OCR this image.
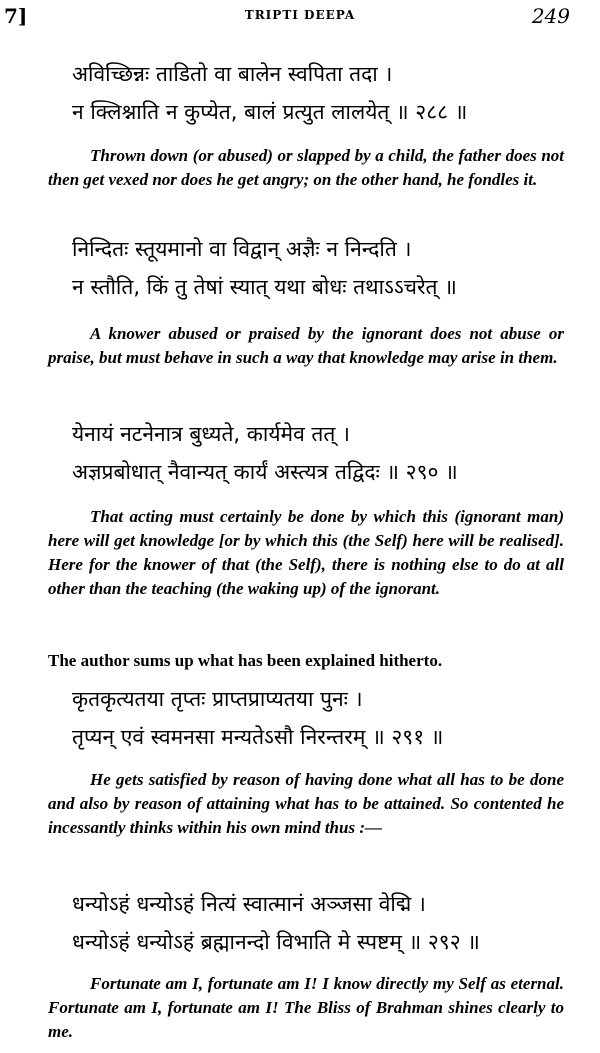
7]	TRIPTI DEEPA	249
अविच्छिन्नः ताडितो वा बालेन स्वपिता तदा ।
न क्लिश्नाति न कुप्येत, बालं प्रत्युत लालयेत् ॥ २८८ ॥
Thrown down (or abused) or slapped by a child, the father does not then get vexed nor does he get angry; on the other hand, he fondles it.
निन्दितः स्तूयमानो वा विद्वान् अज्ञैः न निन्दति ।
न स्तौति, किं तु तेषां स्यात् यथा बोधः तथाऽऽचरेत् ॥
A knower abused or praised by the ignorant does not abuse or praise, but must behave in such a way that knowledge may arise in them.
येनायं नटनेनात्र बुध्यते, कार्यमेव तत् ।
अज्ञप्रबोधात् नैवान्यत् कार्यं अस्त्यत्र तद्विदः ॥ २९० ॥
That acting must certainly be done by which this (ignorant man) here will get knowledge [or by which this (the Self) here will be realised]. Here for the knower of that (the Self), there is nothing else to do at all other than the teaching (the waking up) of the ignorant.
The author sums up what has been explained hitherto.
कृतकृत्यतया तृप्तः प्राप्तप्राप्यतया पुनः ।
तृप्यन् एवं स्वमनसा मन्यतेऽसौ निरन्तरम् ॥ २९१ ॥
He gets satisfied by reason of having done what all has to be done and also by reason of attaining what has to be attained. So contented he incessantly thinks within his own mind thus :—
धन्योऽहं धन्योऽहं नित्यं स्वात्मानं अञ्जसा वेद्मि ।
धन्योऽहं धन्योऽहं ब्रह्मानन्दो विभाति मे स्पष्टम् ॥ २९२ ॥
Fortunate am I, fortunate am I! I know directly my Self as eternal. Fortunate am I, fortunate am I! The Bliss of Brahman shines clearly to me.
